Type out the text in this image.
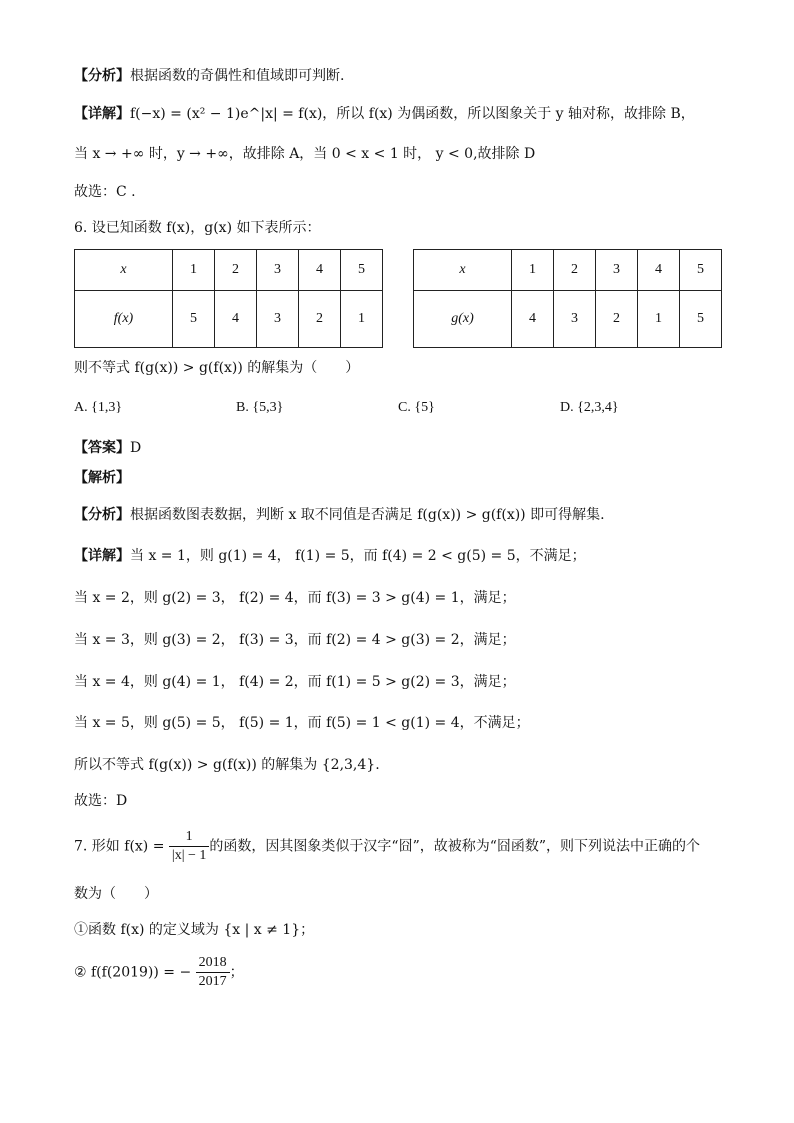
【分析】根据函数的奇偶性和值域即可判断.
【详解】f(−x) = (x² − 1)e^|x| = f(x)，所以 f(x) 为偶函数，所以图象关于 y 轴对称，故排除 B，
当 x → +∞ 时，y → +∞，故排除 A，当 0 < x < 1 时， y < 0,故排除 D
故选：C .
6. 设已知函数 f(x)，g(x) 如下表所示：
x	1	2	3	4	5
f(x)	5	4	3	2	1
x	1	2	3	4	5
g(x)	4	3	2	1	5
则不等式 f(g(x)) > g(f(x)) 的解集为（　　）
A. {1,3}	B. {5,3}	C. {5}	D. {2,3,4}
【答案】D
【解析】
【分析】根据函数图表数据，判断 x 取不同值是否满足 f(g(x)) > g(f(x)) 即可得解集.
【详解】当 x = 1，则 g(1) = 4， f(1) = 5，而 f(4) = 2 < g(5) = 5，不满足；
当 x = 2，则 g(2) = 3， f(2) = 4，而 f(3) = 3 > g(4) = 1，满足；
当 x = 3，则 g(3) = 2， f(3) = 3，而 f(2) = 4 > g(3) = 2，满足；
当 x = 4，则 g(4) = 1， f(4) = 2，而 f(1) = 5 > g(2) = 3，满足；
当 x = 5，则 g(5) = 5， f(5) = 1，而 f(5) = 1 < g(1) = 4，不满足；
所以不等式 f(g(x)) > g(f(x)) 的解集为 {2,3,4}.
故选：D
7. 形如 $f(x) = \frac{1}{|x| - 1}$ 的函数，因其图象类似于汉字“囧”，故被称为“囧函数”，则下列说法中正确的个
数为（　　）
①函数 f(x) 的定义域为 {x | x ≠ 1}；
② f(f(2019)) = − $\frac{2018}{2017}$ ；
